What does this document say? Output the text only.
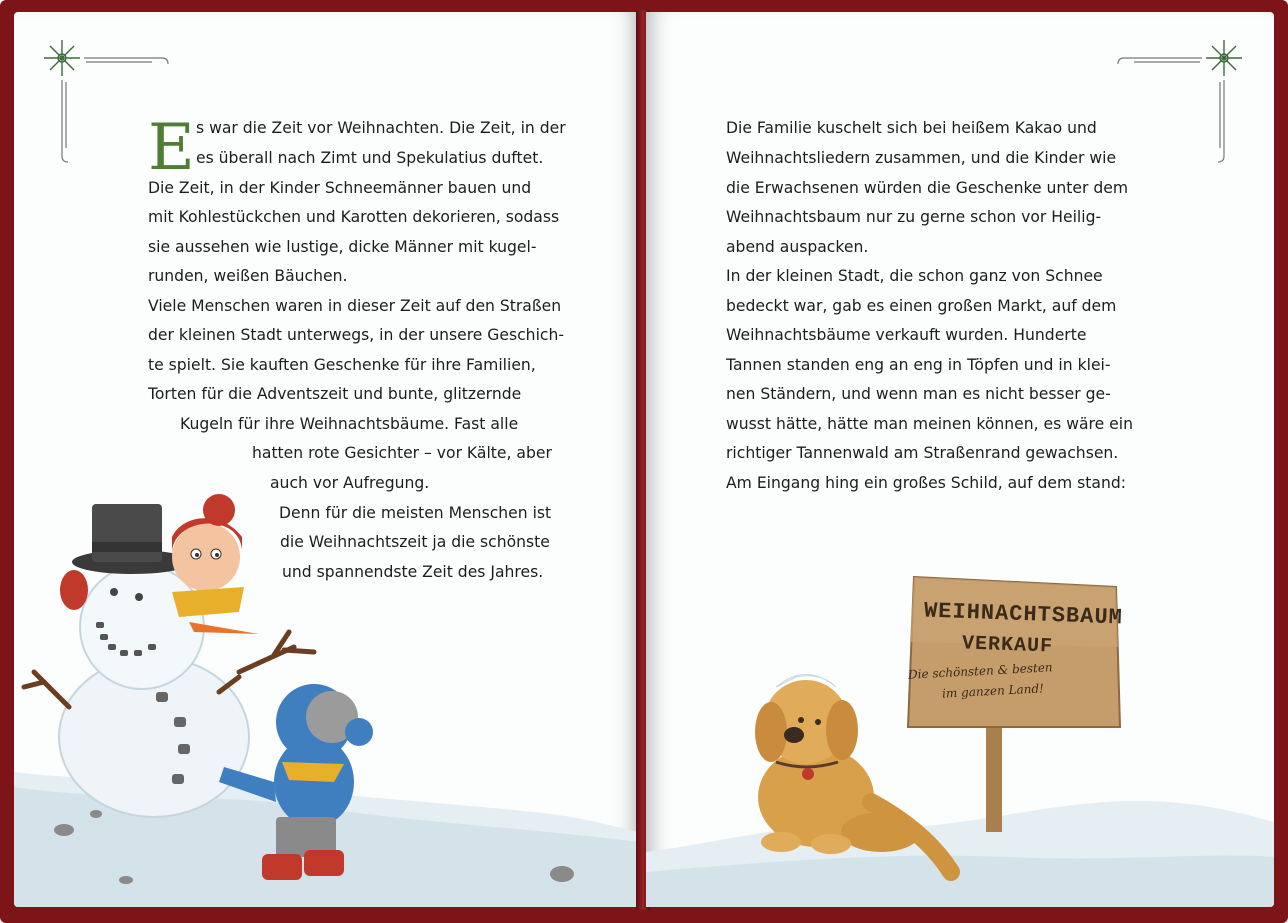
E s war die Zeit vor Weihnachten. Die Zeit, in der
es überall nach Zimt und Spekulatius duftet.
Die Zeit, in der Kinder Schneemänner bauen und
mit Kohlestückchen und Karotten dekorieren, sodass
sie aussehen wie lustige, dicke Männer mit kugel-
runden, weißen Bäuchen.
Viele Menschen waren in dieser Zeit auf den Straßen
der kleinen Stadt unterwegs, in der unsere Geschich-
te spielt. Sie kauften Geschenke für ihre Familien,
Torten für die Adventszeit und bunte, glitzernde
Kugeln für ihre Weihnachtsbäume. Fast alle
hatten rote Gesichter – vor Kälte, aber
auch vor Aufregung.
Denn für die meisten Menschen ist
die Weihnachtszeit ja die schönste
und spannendste Zeit des Jahres.
Die Familie kuschelt sich bei heißem Kakao und
Weihnachtsliedern zusammen, und die Kinder wie
die Erwachsenen würden die Geschenke unter dem
Weihnachtsbaum nur zu gerne schon vor Heilig-
abend auspacken.
In der kleinen Stadt, die schon ganz von Schnee
bedeckt war, gab es einen großen Markt, auf dem
Weihnachtsbäume verkauft wurden. Hunderte
Tannen standen eng an eng in Töpfen und in klei-
nen Ständern, und wenn man es nicht besser ge-
wusst hätte, hätte man meinen können, es wäre ein
richtiger Tannenwald am Straßenrand gewachsen.
Am Eingang hing ein großes Schild, auf dem stand:
WEIHNACHTSBAUM
VERKAUF
Die schönsten & besten
im ganzen Land!
